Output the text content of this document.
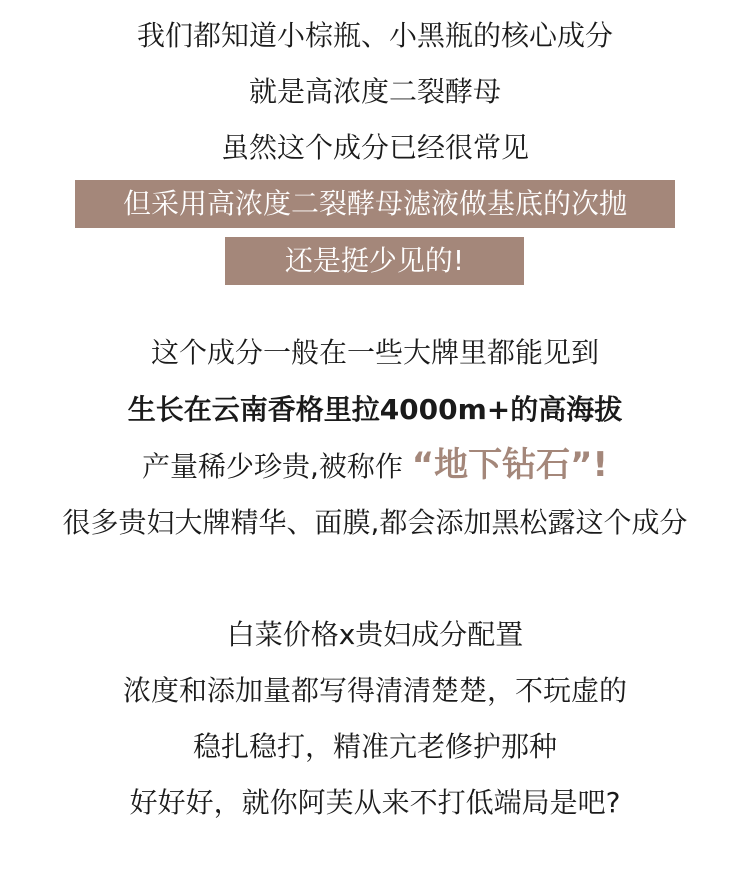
我们都知道小棕瓶、小黑瓶的核心成分
就是高浓度二裂酵母
虽然这个成分已经很常见
但采用高浓度二裂酵母滤液做基底的次抛
还是挺少见的!
这个成分一般在一些大牌里都能见到
生长在云南香格里拉4000m+的高海拔
产量稀少珍贵,被称作 “地下钻石”!
很多贵妇大牌精华、面膜,都会添加黑松露这个成分
白菜价格x贵妇成分配置
浓度和添加量都写得清清楚楚，不玩虚的
稳扎稳打，精准亢老修护那种
好好好，就你阿芙从来不打低端局是吧?
